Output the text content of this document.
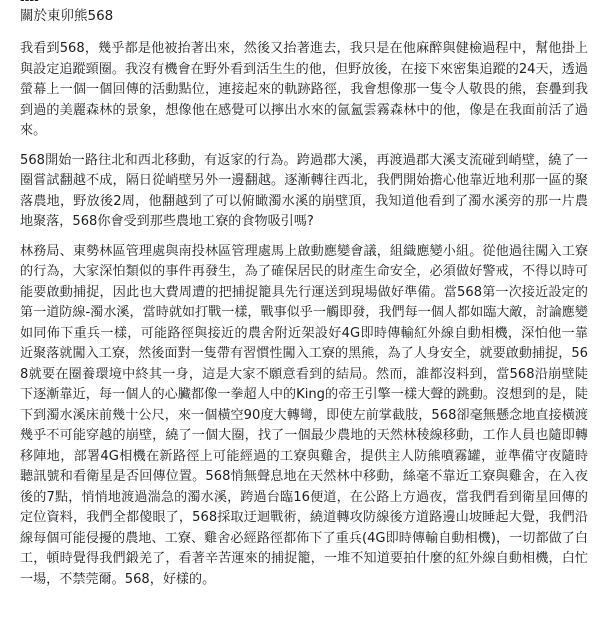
關於東卯熊568

我看到568，幾乎都是他被抬著出來，然後又抬著進去，我只是在他麻醉與健檢過程中，幫他掛上與設定追蹤頸圈。我沒有機會在野外看到活生生的他，但野放後，在接下來密集追蹤的24天，透過螢幕上一個一個回傳的活動點位，連接起來的軌跡路徑，我會想像那一隻令人敬畏的熊，套疊到我到過的美麗森林的景象，想像他在感覺可以擰出水來的氤氳雲霧森林中的他，像是在我面前活了過來。

568開始一路往北和西北移動，有返家的行為。跨過郡大溪，再渡過郡大溪支流碰到峭壁，繞了一圈嘗試翻越不成，隔日從峭壁另外一邊翻越。逐漸轉往西北，我們開始擔心他靠近地利那一區的聚落農地，野放後2周，他翻越到了可以俯瞰濁水溪的崩壁頂，我知道他看到了濁水溪旁的那一片農地聚落，568你會受到那些農地工寮的食物吸引嗎?

林務局、東勢林區管理處與南投林區管理處馬上啟動應變會議，組織應變小組。從他過往闖入工寮的行為，大家深怕類似的事件再發生，為了確保居民的財產生命安全，必須做好警戒，不得以時可能要啟動捕捉，因此也大費周遭的把捕捉籠具先行運送到現場做好準備。當568第一次接近設定的第一道防線-濁水溪，當時就如打戰一樣，戰事似乎一觸即發，我們每一個人都如臨大敵，討論應變如同佈下重兵一樣，可能路徑與接近的農舍附近架設好4G即時傳輸紅外線自動相機，深怕他一靠近聚落就闖入工寮，然後面對一隻帶有習慣性闖入工寮的黑熊，為了人身安全，就要啟動捕捉，568就要在圈養環境中終其一身，這是大家不願意看到的結局。然而，誰都沒料到，當568沿崩壁陡下逐漸靠近，每一個人的心臟都像一拳超人中的King的帝王引擎一樣大聲的跳動。沒想到的是，陡下到濁水溪床前幾十公尺，來一個橫空90度大轉彎，即使左前掌截肢，568卻毫無懸念地直接橫渡幾乎不可能穿越的崩壁，繞了一個大圈，找了一個最少農地的天然林稜線移動，工作人員也隨即轉移陣地，部署4G相機在新路徑上可能經過的工寮與雞舍，提供主人防熊噴霧罐，並準備守夜隨時聽訊號和看衛星是否回傳位置。568悄無聲息地在天然林中移動，絲毫不靠近工寮與雞舍，在入夜後的7點，悄悄地渡過湍急的濁水溪，跨過台臨16便道，在公路上方過夜，當我們看到衛星回傳的定位資料，我們全都傻眼了，568採取迂迴戰術，繞道轉攻防線後方道路邊山坡睡起大覺，我們沿線每個可能侵擾的農地、工寮、雞舍必經路徑都佈下了重兵(4G即時傳輸自動相機)，一切都做了白工，頓時覺得我們鍛羌了，看著辛苦運來的捕捉籠，一堆不知道要拍什麼的紅外線自動相機，白忙一場，不禁莞爾。568，好樣的。
